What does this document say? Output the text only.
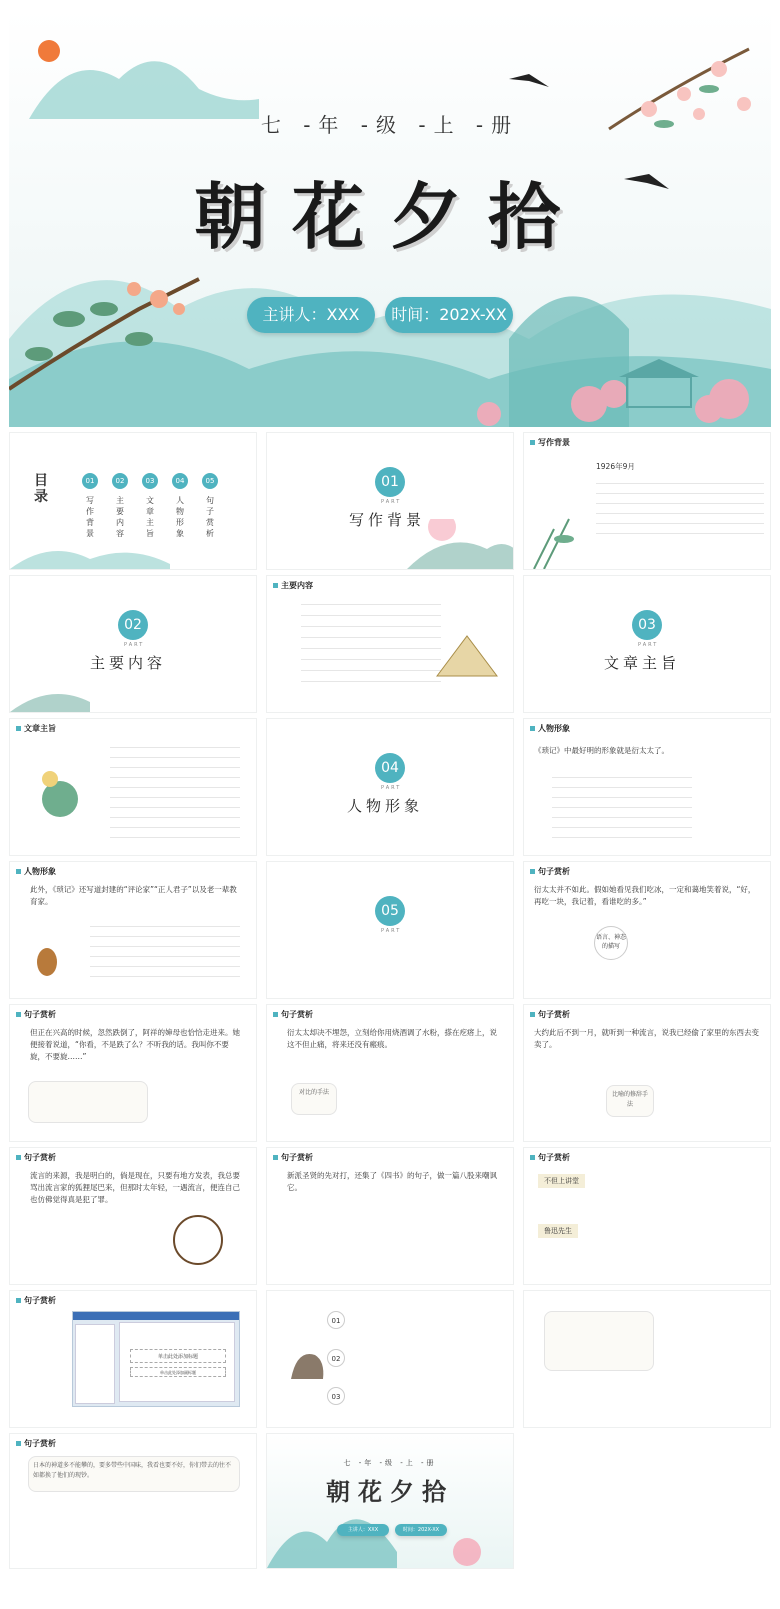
七 -年 -级 -上 -册
朝花夕拾
主讲人：XXX	时间：202X-XX
目录
01	02	03	04	05
写作背景
主要内容
文章主旨
人物形象
句子赏析
01
PART
写作背景
写作背景
1926年9月
02
PART
主要内容
主要内容
03
PART
文章主旨
文章主旨
04
PART
人物形象
人物形象
《琐记》中最好明的形象就是衍太太了。
人物形象
此外，《琐记》还写道封建的“评论家”“正人君子”以及老一辈教育家。
05
PART
句子赏析
衍太太并不如此。假如她看见我们吃冰，一定和蔼地笑着说，“好，再吃一块，我记着，看谁吃的多。”
语言、神态的描写
句子赏析
但正在兴高的时候，忽然跌倒了，阿祥的婶母也恰恰走进来。她便接着说道，“你看，不是跌了么？不听我的话。我叫你不要旋，不要旋……”
句子赏析
衍太太却决不埋怨，立刻给你用烧酒调了水粉，搽在疙瘩上，说这不但止痛，将来还没有瘢痕。
对比的手法
句子赏析
大约此后不到一月，就听到一种流言，说我已经偷了家里的东西去变卖了。
比喻的修辞手法
句子赏析
流言的来源，我是明白的，倘是现在，只要有地方发表，我总要骂出流言家的狐狸尾巴来，但那时太年轻，一遇流言，便连自己也仿佛觉得真是犯了罪。
句子赏析
新派圣贤的先对打，还集了《四书》的句子，做一篇八股来嘲讽它。
句子赏析
不但上讲堂
鲁迅先生
句子赏析
单击此处添加标题
单击此处添加副标题
01
02
03
句子赏析
日本的神道多不能攀的，要多带些中国味，我看也要不好，你们带去的往不如都换了他们的现钞。
七 -年 -级 -上 -册
朝花夕拾
主讲人：XXX	时间：202X-XX
